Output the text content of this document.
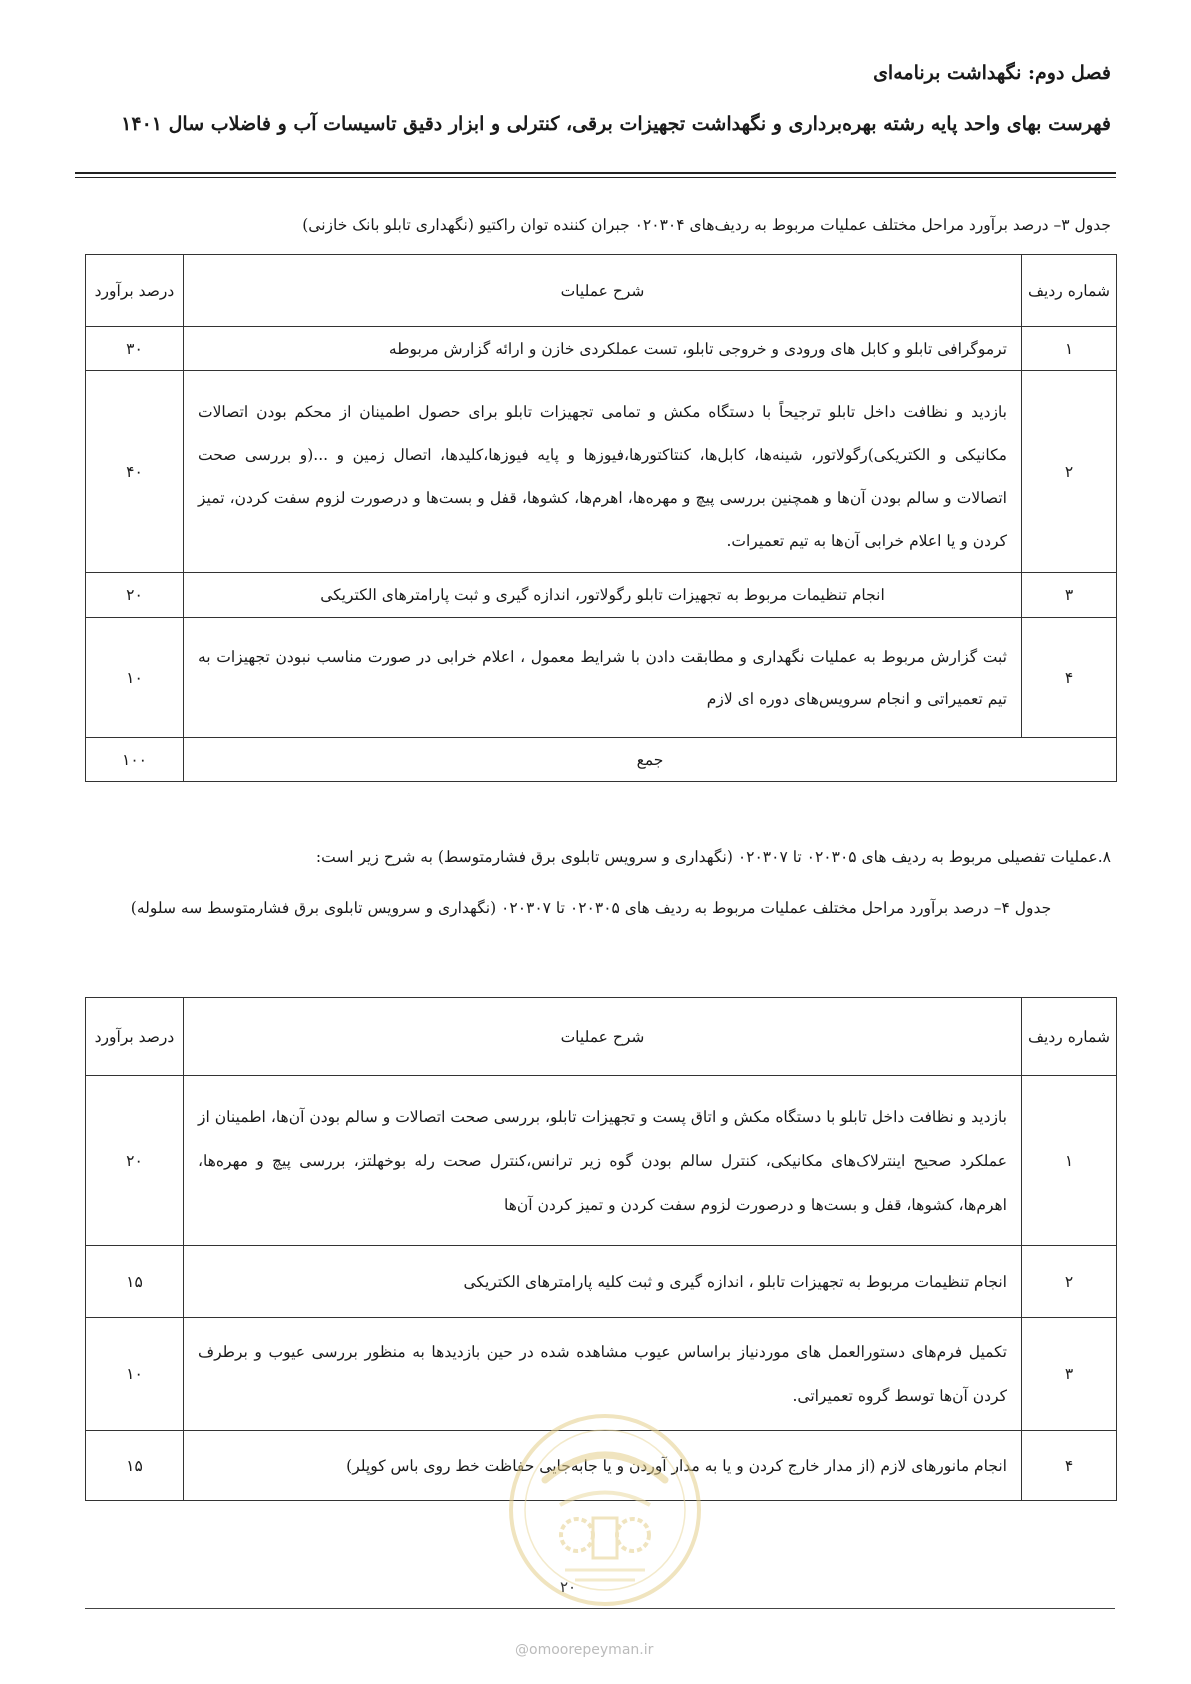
فصل دوم: نگهداشت برنامه‌ای
فهرست بهای واحد پایه رشته بهره‌برداری و نگهداشت تجهیزات برقی، کنترلی و ابزار دقیق تاسیسات آب و فاضلاب سال ۱۴۰۱
جدول ۳– درصد برآورد مراحل مختلف عملیات مربوط به ردیف‌های ۰۲۰۳۰۴ جبران کننده توان راکتیو (نگهداری تابلو بانک خازنی)
شماره ردیف	شرح عملیات	درصد برآورد
۱	ترموگرافی تابلو و کابل های ورودی و خروجی تابلو، تست عملکردی خازن و ارائه گزارش مربوطه	۳۰
۲	بازدید و نظافت داخل تابلو ترجیحاً با دستگاه مکش و تمامی تجهیزات تابلو برای حصول اطمینان از محکم بودن اتصالات مکانیکی و الکتریکی)رگولاتور، شینه‌ها، کابل‌ها، کنتاکتورها،فیوزها و پایه فیوزها،کلیدها، اتصال زمین و ...(و بررسی صحت اتصالات و سالم بودن آن‌ها و همچنین بررسی پیچ و مهره‌ها، اهرم‌ها، کشوها، قفل و بست‌ها و درصورت لزوم سفت کردن، تمیز کردن و یا اعلام خرابی آن‌ها به تیم تعمیرات.	۴۰
۳	انجام تنظیمات مربوط به تجهیزات تابلو رگولاتور، اندازه گیری و ثبت پارامترهای الکتریکی	۲۰
۴	ثبت گزارش مربوط به عملیات نگهداری و مطابقت دادن با شرایط معمول ، اعلام خرابی در صورت مناسب نبودن تجهیزات به تیم تعمیراتی و انجام سرویس‌های دوره ای لازم	۱۰
جمع		۱۰۰
۸.عملیات تفصیلی مربوط به ردیف های ۰۲۰۳۰۵ تا ۰۲۰۳۰۷ (نگهداری و سرویس تابلوی برق فشارمتوسط) به شرح زیر است:
جدول ۴– درصد برآورد مراحل مختلف عملیات مربوط به ردیف های ۰۲۰۳۰۵ تا ۰۲۰۳۰۷ (نگهداری و سرویس تابلوی برق فشارمتوسط سه سلوله)
شماره ردیف	شرح عملیات	درصد برآورد
۱	بازدید و نظافت داخل تابلو با دستگاه مکش و اتاق پست و تجهیزات تابلو، بررسی صحت اتصالات و سالم بودن آن‌ها، اطمینان از عملکرد صحیح اینترلاک‌های مکانیکی، کنترل سالم بودن گوه زیر ترانس،کنترل صحت رله بوخهلتز، بررسی پیچ و مهره‌ها، اهرم‌ها، کشوها، قفل و بست‌ها و درصورت لزوم سفت کردن و تمیز کردن آن‌ها	۲۰
۲	انجام تنظیمات مربوط به تجهیزات تابلو ، اندازه گیری و ثبت کلیه پارامترهای الکتریکی	۱۵
۳	تکمیل فرم‌های دستورالعمل های موردنیاز براساس عیوب مشاهده شده در حین بازدیدها به منظور بررسی عیوب و برطرف کردن آن‌ها توسط گروه تعمیراتی.	۱۰
۴	انجام مانورهای لازم (از مدار خارج کردن و یا به مدار آوردن و یا جابه‌جایی حفاظت خط روی باس کوپلر)	۱۵
۲۰
@omoorepeyman.ir
